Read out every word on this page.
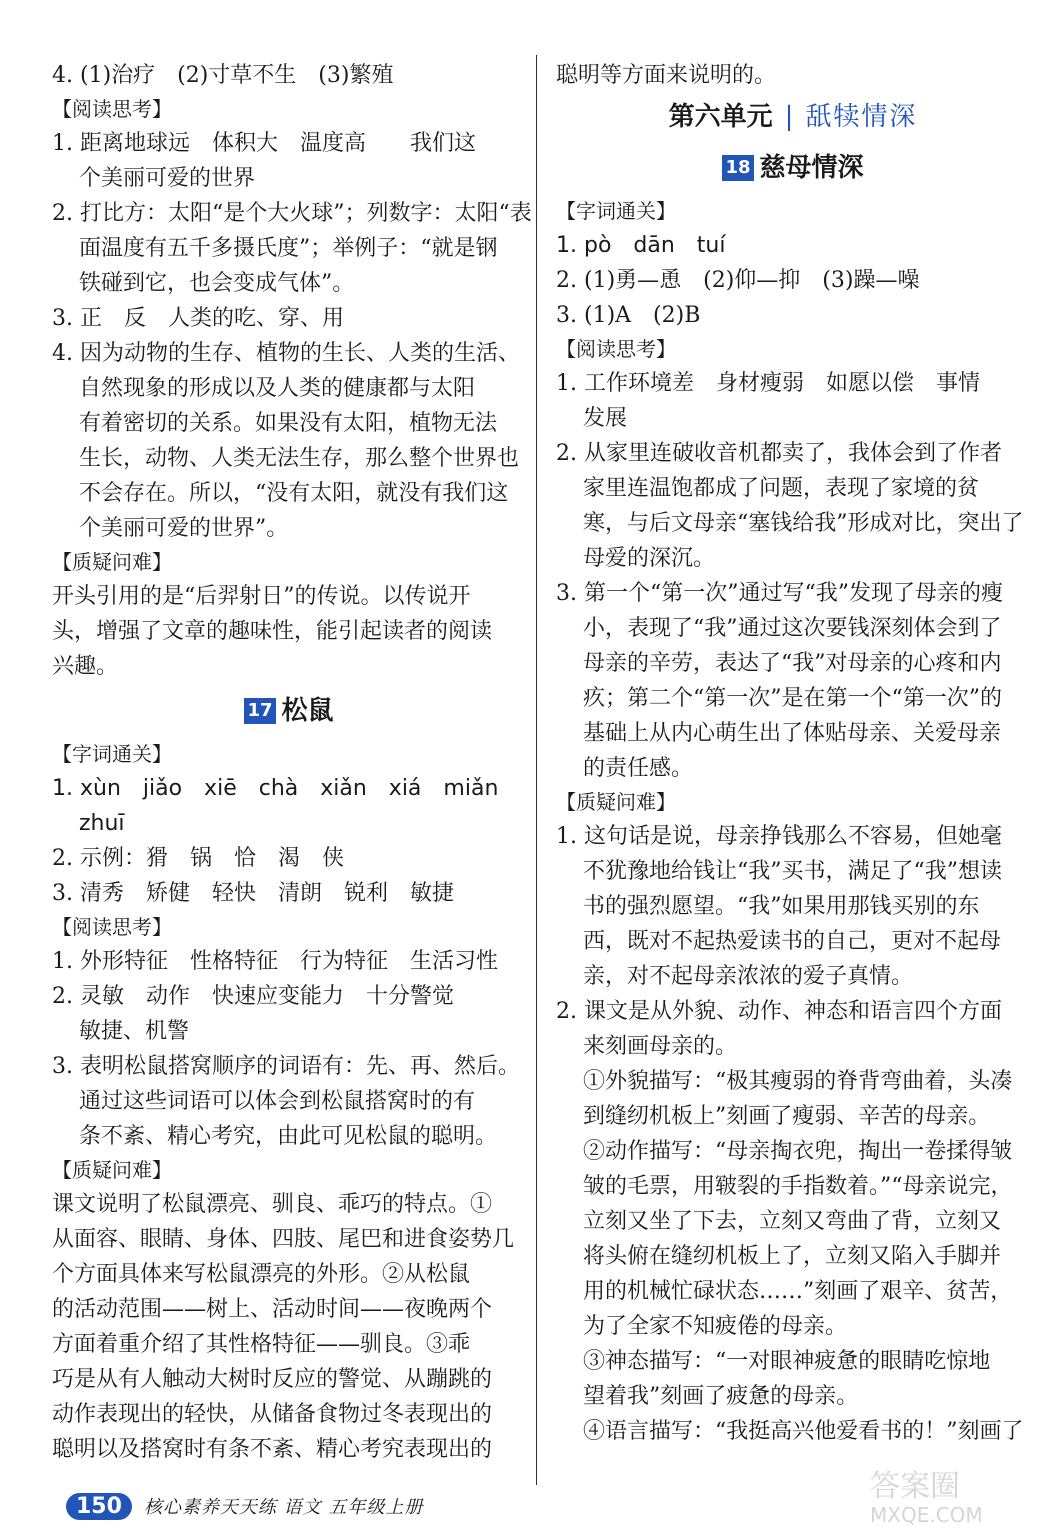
4. (1)治疗　(2)寸草不生　(3)繁殖
【阅读思考】
1. 距离地球远　体积大　温度高　　我们这
个美丽可爱的世界
2. 打比方：太阳“是个大火球”；列数字：太阳“表
面温度有五千多摄氏度”；举例子：“就是钢
铁碰到它，也会变成气体”。
3. 正　反　人类的吃、穿、用
4. 因为动物的生存、植物的生长、人类的生活、
自然现象的形成以及人类的健康都与太阳
有着密切的关系。如果没有太阳，植物无法
生长，动物、人类无法生存，那么整个世界也
不会存在。所以，“没有太阳，就没有我们这
个美丽可爱的世界”。
【质疑问难】
开头引用的是“后羿射日”的传说。以传说开
头，增强了文章的趣味性，能引起读者的阅读
兴趣。
17 松鼠
【字词通关】
1. xùn　jiǎo　xiē　chà　xiǎn　xiá　miǎn
zhuī
2. 示例：猾　锅　恰　渴　侠
3. 清秀　矫健　轻快　清朗　锐利　敏捷
【阅读思考】
1. 外形特征　性格特征　行为特征　生活习性
2. 灵敏　动作　快速应变能力　十分警觉
敏捷、机警
3. 表明松鼠搭窝顺序的词语有：先、再、然后。
通过这些词语可以体会到松鼠搭窝时的有
条不紊、精心考究，由此可见松鼠的聪明。
【质疑问难】
课文说明了松鼠漂亮、驯良、乖巧的特点。①
从面容、眼睛、身体、四肢、尾巴和进食姿势几
个方面具体来写松鼠漂亮的外形。②从松鼠
的活动范围——树上、活动时间——夜晚两个
方面着重介绍了其性格特征——驯良。③乖
巧是从有人触动大树时反应的警觉、从蹦跳的
动作表现出的轻快，从储备食物过冬表现出的
聪明以及搭窝时有条不紊、精心考究表现出的
聪明等方面来说明的。
第六单元 | 舐犊情深
18 慈母情深
【字词通关】
1. pò　dān　tuí
2. (1)勇—恿　(2)仰—抑　(3)躁—噪
3. (1)A　(2)B
【阅读思考】
1. 工作环境差　身材瘦弱　如愿以偿　事情
发展
2. 从家里连破收音机都卖了，我体会到了作者
家里连温饱都成了问题，表现了家境的贫
寒，与后文母亲“塞钱给我”形成对比，突出了
母爱的深沉。
3. 第一个“第一次”通过写“我”发现了母亲的瘦
小，表现了“我”通过这次要钱深刻体会到了
母亲的辛劳，表达了“我”对母亲的心疼和内
疚；第二个“第一次”是在第一个“第一次”的
基础上从内心萌生出了体贴母亲、关爱母亲
的责任感。
【质疑问难】
1. 这句话是说，母亲挣钱那么不容易，但她毫
不犹豫地给钱让“我”买书，满足了“我”想读
书的强烈愿望。“我”如果用那钱买别的东
西，既对不起热爱读书的自己，更对不起母
亲，对不起母亲浓浓的爱子真情。
2. 课文是从外貌、动作、神态和语言四个方面
来刻画母亲的。
①外貌描写：“极其瘦弱的脊背弯曲着，头凑
到缝纫机板上”刻画了瘦弱、辛苦的母亲。
②动作描写：“母亲掏衣兜，掏出一卷揉得皱
皱的毛票，用皲裂的手指数着。”“母亲说完，
立刻又坐了下去，立刻又弯曲了背，立刻又
将头俯在缝纫机板上了，立刻又陷入手脚并
用的机械忙碌状态……”刻画了艰辛、贫苦，
为了全家不知疲倦的母亲。
③神态描写：“一对眼神疲惫的眼睛吃惊地
望着我”刻画了疲惫的母亲。
④语言描写：“我挺高兴他爱看书的！”刻画了
150	核心素养天天练 语文 五年级上册
答案圈
MXQE.COM
